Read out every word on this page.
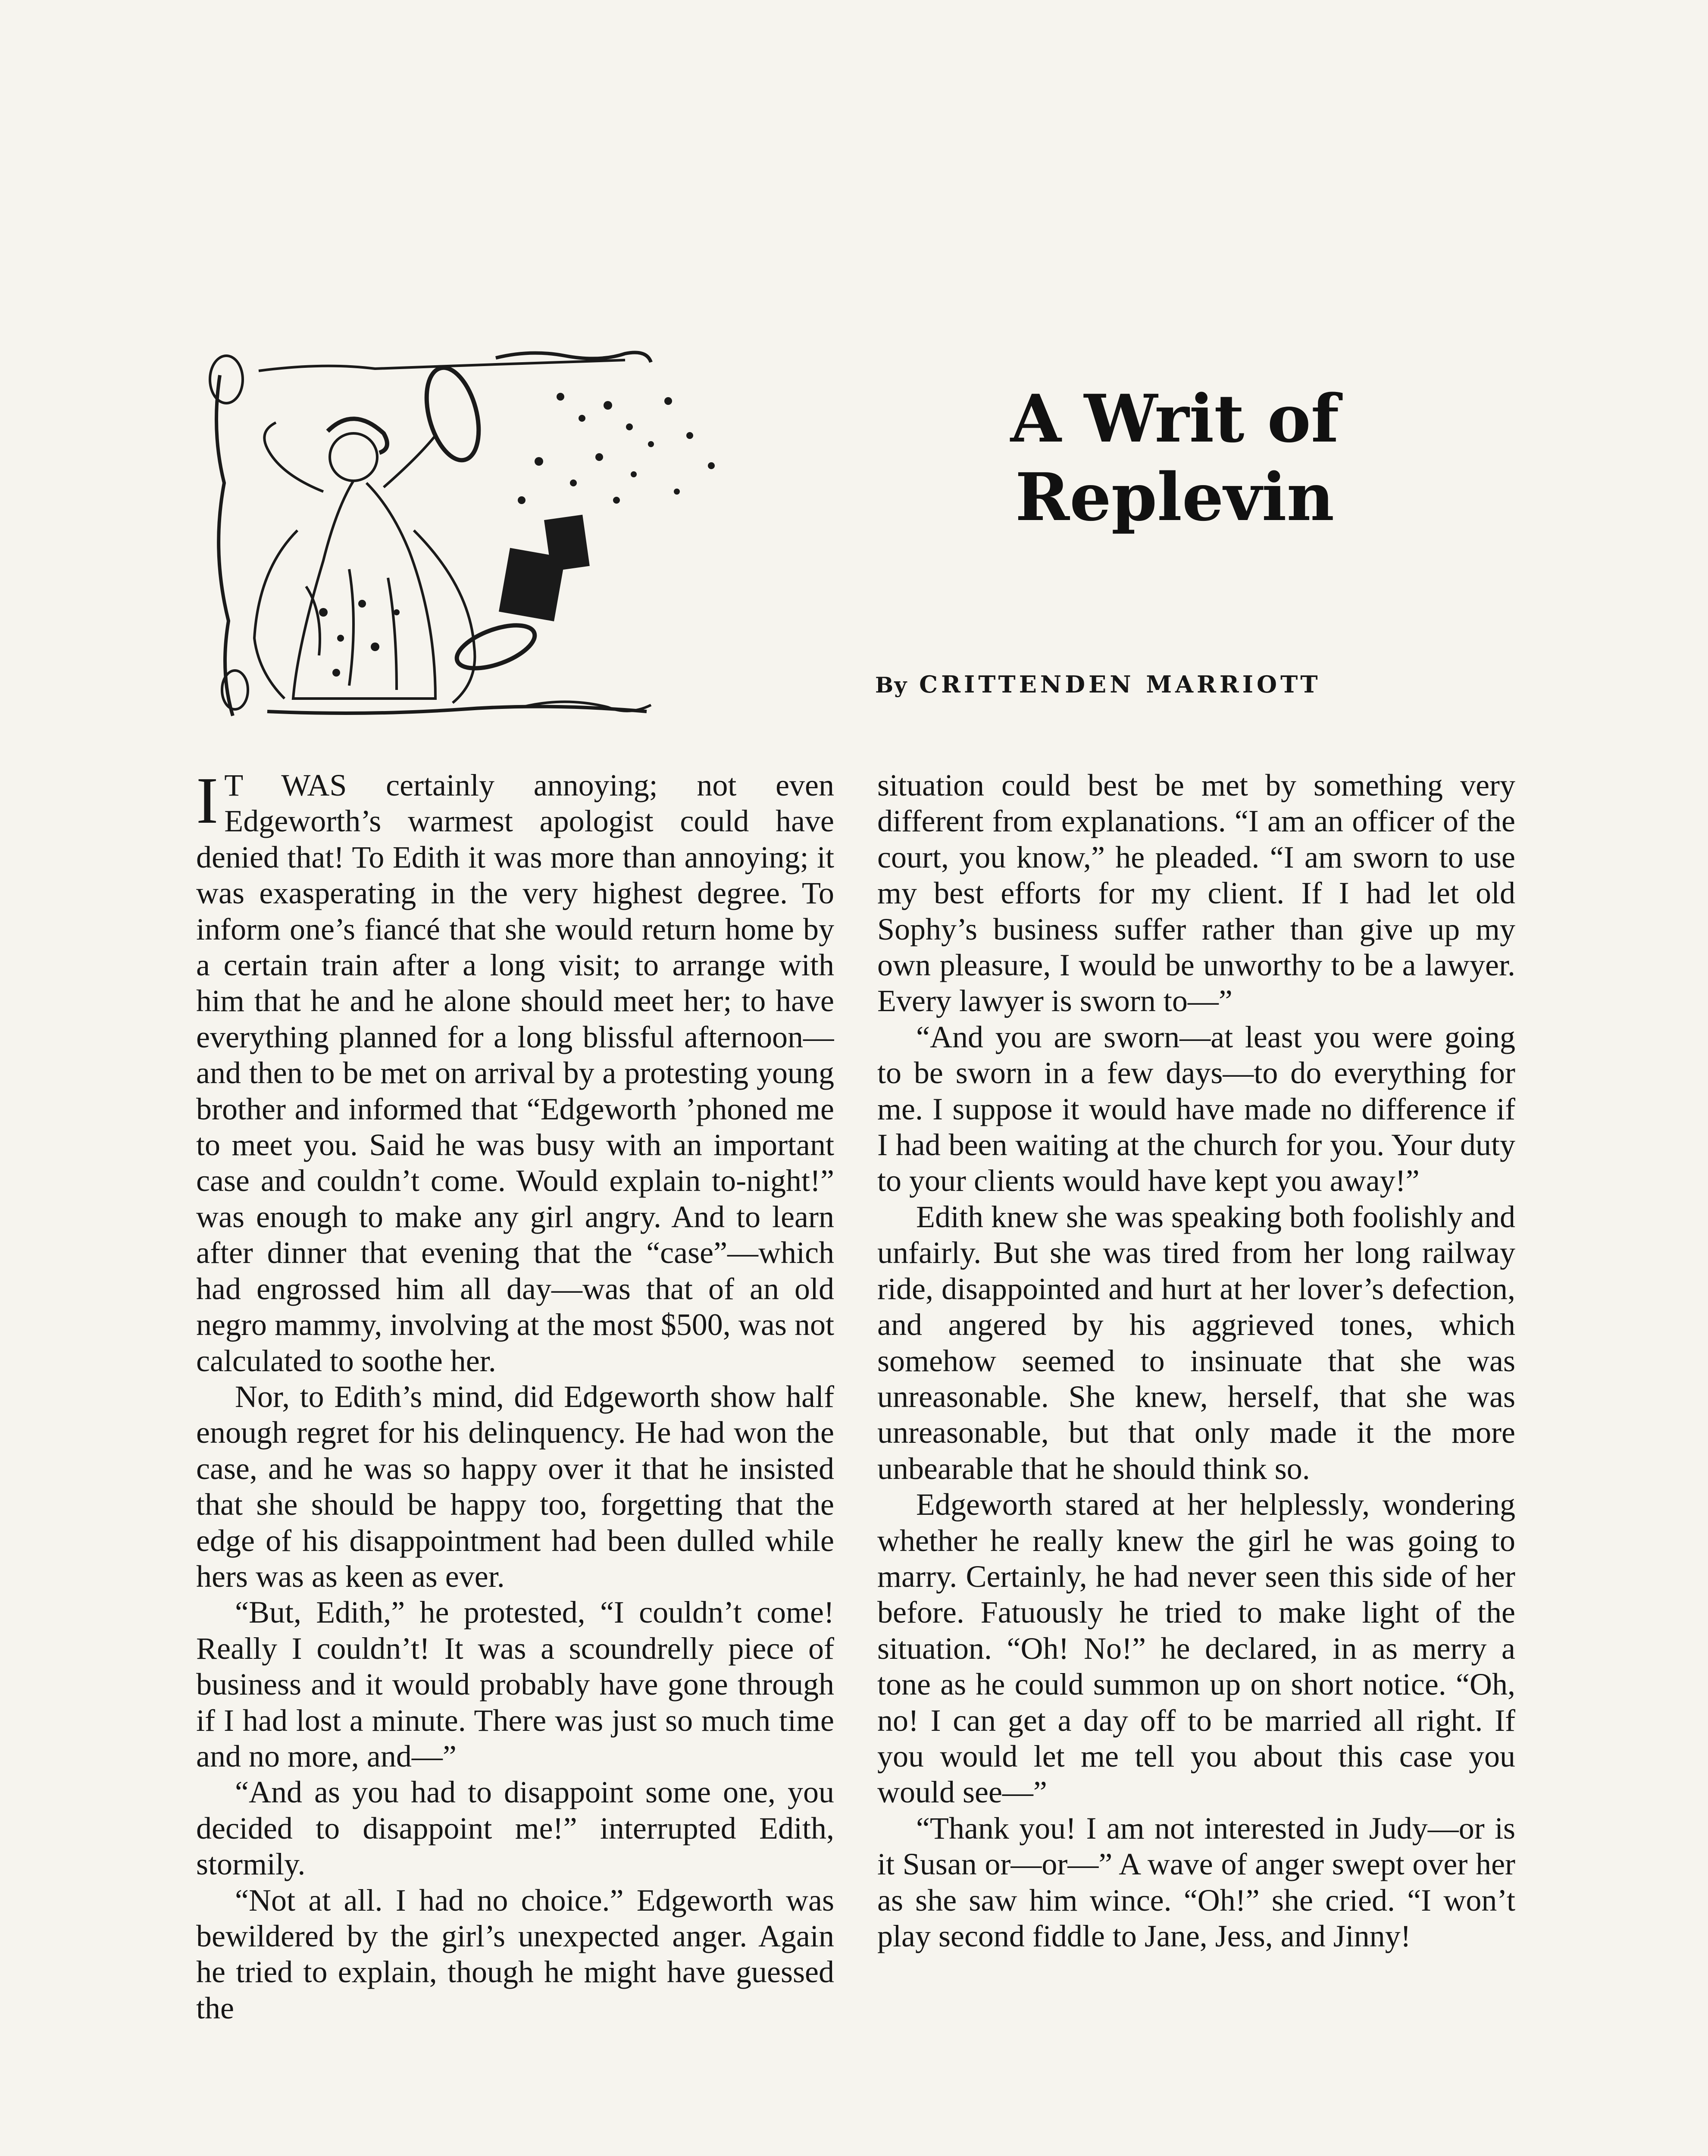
A Writ of
Replevin
By CRITTENDEN MARRIOTT

I T WAS certainly annoying; not even Edgeworth’s warmest apologist could have denied that! To Edith it was more than annoying; it was exasperating in the very highest degree. To inform one’s fiancé that she would return home by a certain train after a long visit; to arrange with him that he and he alone should meet her; to have everything planned for a long blissful afternoon—and then to be met on arrival by a protesting young brother and informed that “Edgeworth ’phoned me to meet you. Said he was busy with an important case and couldn’t come. Would explain to-night!” was enough to make any girl angry. And to learn after dinner that evening that the “case”—which had engrossed him all day—was that of an old negro mammy, involving at the most $500, was not calculated to soothe her.

Nor, to Edith’s mind, did Edgeworth show half enough regret for his delinquency. He had won the case, and he was so happy over it that he insisted that she should be happy too, forgetting that the edge of his disappointment had been dulled while hers was as keen as ever.

“But, Edith,” he protested, “I couldn’t come! Really I couldn’t! It was a scoundrelly piece of business and it would probably have gone through if I had lost a minute. There was just so much time and no more, and—”

“And as you had to disappoint some one, you decided to disappoint me!” interrupted Edith, stormily.

“Not at all. I had no choice.” Edgeworth was bewildered by the girl’s unexpected anger. Again he tried to explain, though he might have guessed the

situation could best be met by something very different from explanations. “I am an officer of the court, you know,” he pleaded. “I am sworn to use my best efforts for my client. If I had let old Sophy’s business suffer rather than give up my own pleasure, I would be unworthy to be a lawyer. Every lawyer is sworn to—”

“And you are sworn—at least you were going to be sworn in a few days—to do everything for me. I suppose it would have made no difference if I had been waiting at the church for you. Your duty to your clients would have kept you away!”

Edith knew she was speaking both foolishly and unfairly. But she was tired from her long railway ride, disappointed and hurt at her lover’s defection, and angered by his aggrieved tones, which somehow seemed to insinuate that she was unreasonable. She knew, herself, that she was unreasonable, but that only made it the more unbearable that he should think so.

Edgeworth stared at her helplessly, wondering whether he really knew the girl he was going to marry. Certainly, he had never seen this side of her before. Fatuously he tried to make light of the situation. “Oh! No!” he declared, in as merry a tone as he could summon up on short notice. “Oh, no! I can get a day off to be married all right. If you would let me tell you about this case you would see—”

“Thank you! I am not interested in Judy—or is it Susan or—or—” A wave of anger swept over her as she saw him wince. “Oh!” she cried. “I won’t play second fiddle to Jane, Jess, and Jinny!
